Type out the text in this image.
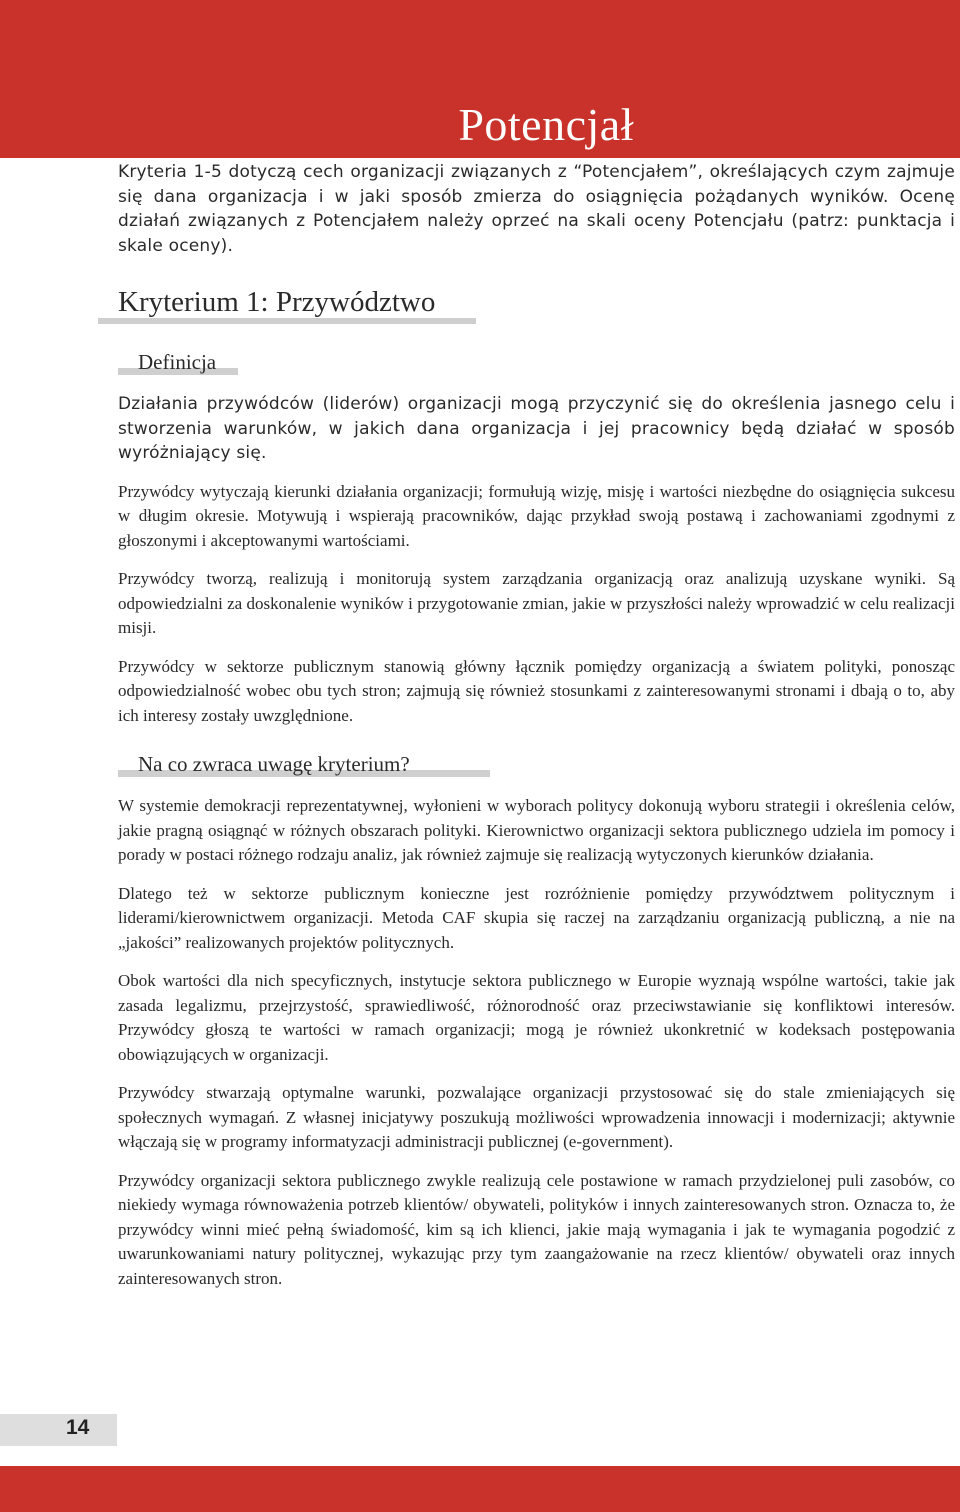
Potencjał

Kryteria 1-5 dotyczą cech organizacji związanych z “Potencjałem”, określających czym zajmuje się dana organizacja i w jaki sposób zmierza do osiągnięcia pożądanych wyników. Ocenę działań związanych z Potencjałem należy oprzeć na skali oceny Potencjału (patrz: punktacja i skale oceny).

Kryterium 1: Przywództwo
Definicja

Działania przywódców (liderów) organizacji mogą przyczynić się do określenia jasnego celu i stworzenia warunków, w jakich dana organizacja i jej pracownicy będą działać w sposób wyróżniający się.

Przywódcy wytyczają kierunki działania organizacji; formułują wizję, misję i wartości niezbędne do osiągnięcia sukcesu w długim okresie. Motywują i wspierają pracowników, dając przykład swoją postawą i zachowaniami zgodnymi z głoszonymi i akceptowanymi wartościami.

Przywódcy tworzą, realizują i monitorują system zarządzania organizacją oraz analizują uzyskane wyniki. Są odpowiedzialni za doskonalenie wyników i przygotowanie zmian, jakie w przyszłości należy wprowadzić w celu realizacji misji.

Przywódcy w sektorze publicznym stanowią główny łącznik pomiędzy organizacją a światem polityki, ponosząc odpowiedzialność wobec obu tych stron; zajmują się również stosunkami z zainteresowanymi stronami i dbają o to, aby ich interesy zostały uwzględnione.

Na co zwraca uwagę kryterium?

W systemie demokracji reprezentatywnej, wyłonieni w wyborach politycy dokonują wyboru strategii i określenia celów, jakie pragną osiągnąć w różnych obszarach polityki. Kierownictwo organizacji sektora publicznego udziela im pomocy i porady w postaci różnego rodzaju analiz, jak również zajmuje się realizacją wytyczonych kierunków działania.

Dlatego też w sektorze publicznym konieczne jest rozróżnienie pomiędzy przywództwem politycznym i liderami/kierownictwem organizacji. Metoda CAF skupia się raczej na zarządzaniu organizacją publiczną, a nie na „jakości” realizowanych projektów politycznych.

Obok wartości dla nich specyficznych, instytucje sektora publicznego w Europie wyznają wspólne wartości, takie jak zasada legalizmu, przejrzystość, sprawiedliwość, różnorodność oraz przeciwstawianie się konfliktowi interesów. Przywódcy głoszą te wartości w ramach organizacji; mogą je również ukonkretnić w kodeksach postępowania obowiązujących w organizacji.

Przywódcy stwarzają optymalne warunki, pozwalające organizacji przystosować się do stale zmieniających się społecznych wymagań. Z własnej inicjatywy poszukują możliwości wprowadzenia innowacji i modernizacji; aktywnie włączają się w programy informatyzacji administracji publicznej (e-government).

Przywódcy organizacji sektora publicznego zwykle realizują cele postawione w ramach przydzielonej puli zasobów, co niekiedy wymaga równoważenia potrzeb klientów/ obywateli, polityków i innych zainteresowanych stron. Oznacza to, że przywódcy winni mieć pełną świadomość, kim są ich klienci, jakie mają wymagania i jak te wymagania pogodzić z uwarunkowaniami natury politycznej, wykazując przy tym zaangażowanie na rzecz klientów/ obywateli oraz innych zainteresowanych stron.

14
